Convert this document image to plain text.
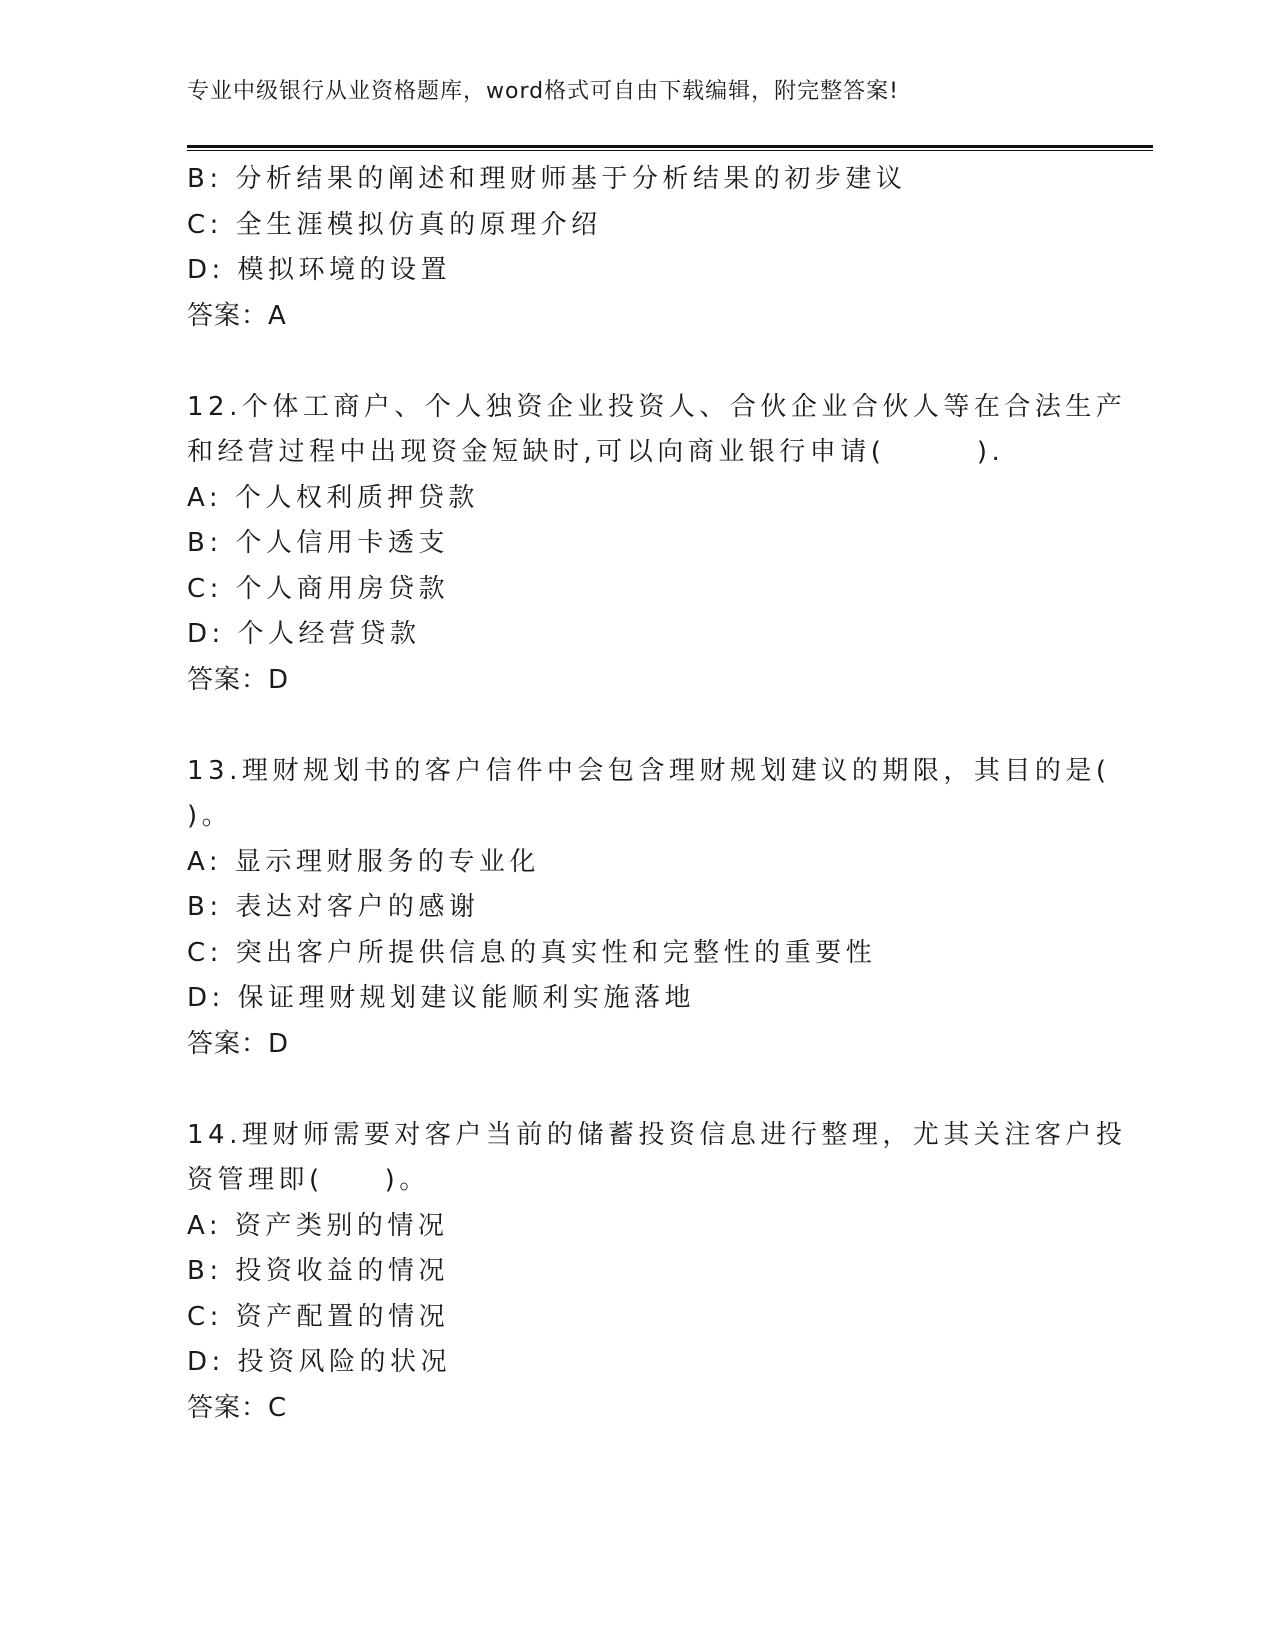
专业中级银行从业资格题库，word格式可自由下载编辑，附完整答案!
B: 分析结果的阐述和理财师基于分析结果的初步建议
C: 全生涯模拟仿真的原理介绍
D: 模拟环境的设置
答案：A
12.个体工商户、个人独资企业投资人、合伙企业合伙人等在合法生产
和经营过程中出现资金短缺时,可以向商业银行申请(　　　).
A: 个人权利质押贷款
B: 个人信用卡透支
C: 个人商用房贷款
D: 个人经营贷款
答案：D
13.理财规划书的客户信件中会包含理财规划建议的期限，其目的是(
)。
A: 显示理财服务的专业化
B: 表达对客户的感谢
C: 突出客户所提供信息的真实性和完整性的重要性
D: 保证理财规划建议能顺利实施落地
答案：D
14.理财师需要对客户当前的储蓄投资信息进行整理，尤其关注客户投
资管理即(　　)。
A: 资产类别的情况
B: 投资收益的情况
C: 资产配置的情况
D: 投资风险的状况
答案：C
